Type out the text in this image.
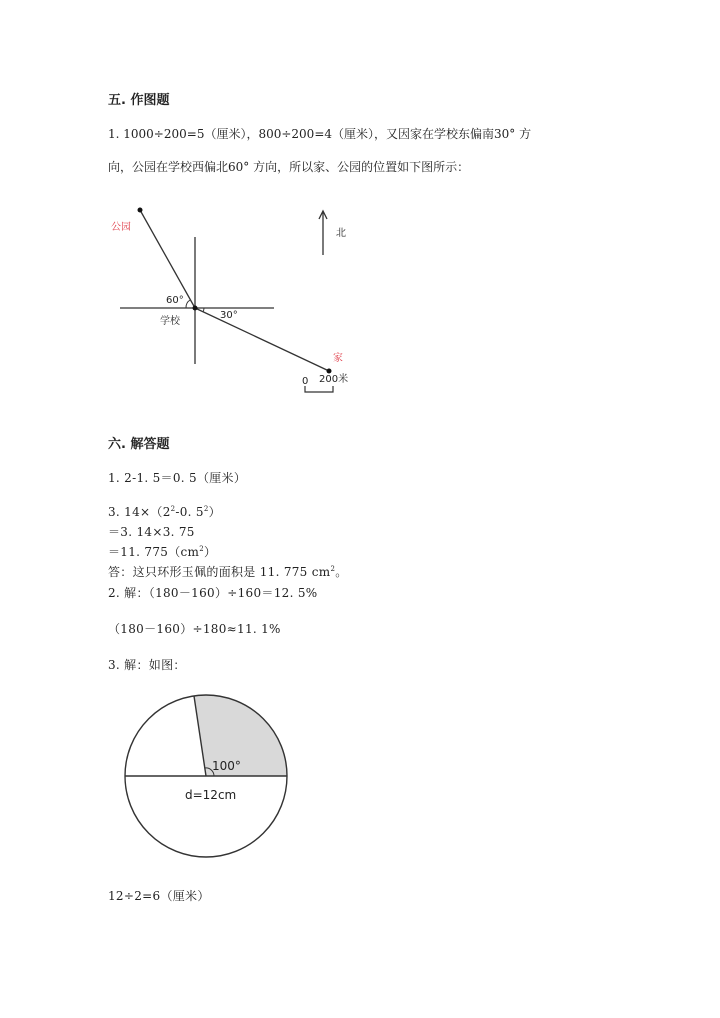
五. 作图题
1. 1000÷200=5（厘米），800÷200=4（厘米），又因家在学校东偏南30° 方
向，公园在学校西偏北60° 方向，所以家、公园的位置如下图所示：
公园
60°
学校
30°
北
家
0 200米
六. 解答题
1. 2-1. 5＝0. 5（厘米）
3. $14\times(2^2-0$. $5^2$）
＝3. 14×3. 75
＝11. $775(cm^2)$
答：这只环形玉佩的面积是 11. 775 $cm^2$。
2. 解：（180－160）÷160＝12. 5%
（180－160）÷180≈11. 1%
3. 解：如图：
100°
d=12cm
12÷2=6（厘米）
